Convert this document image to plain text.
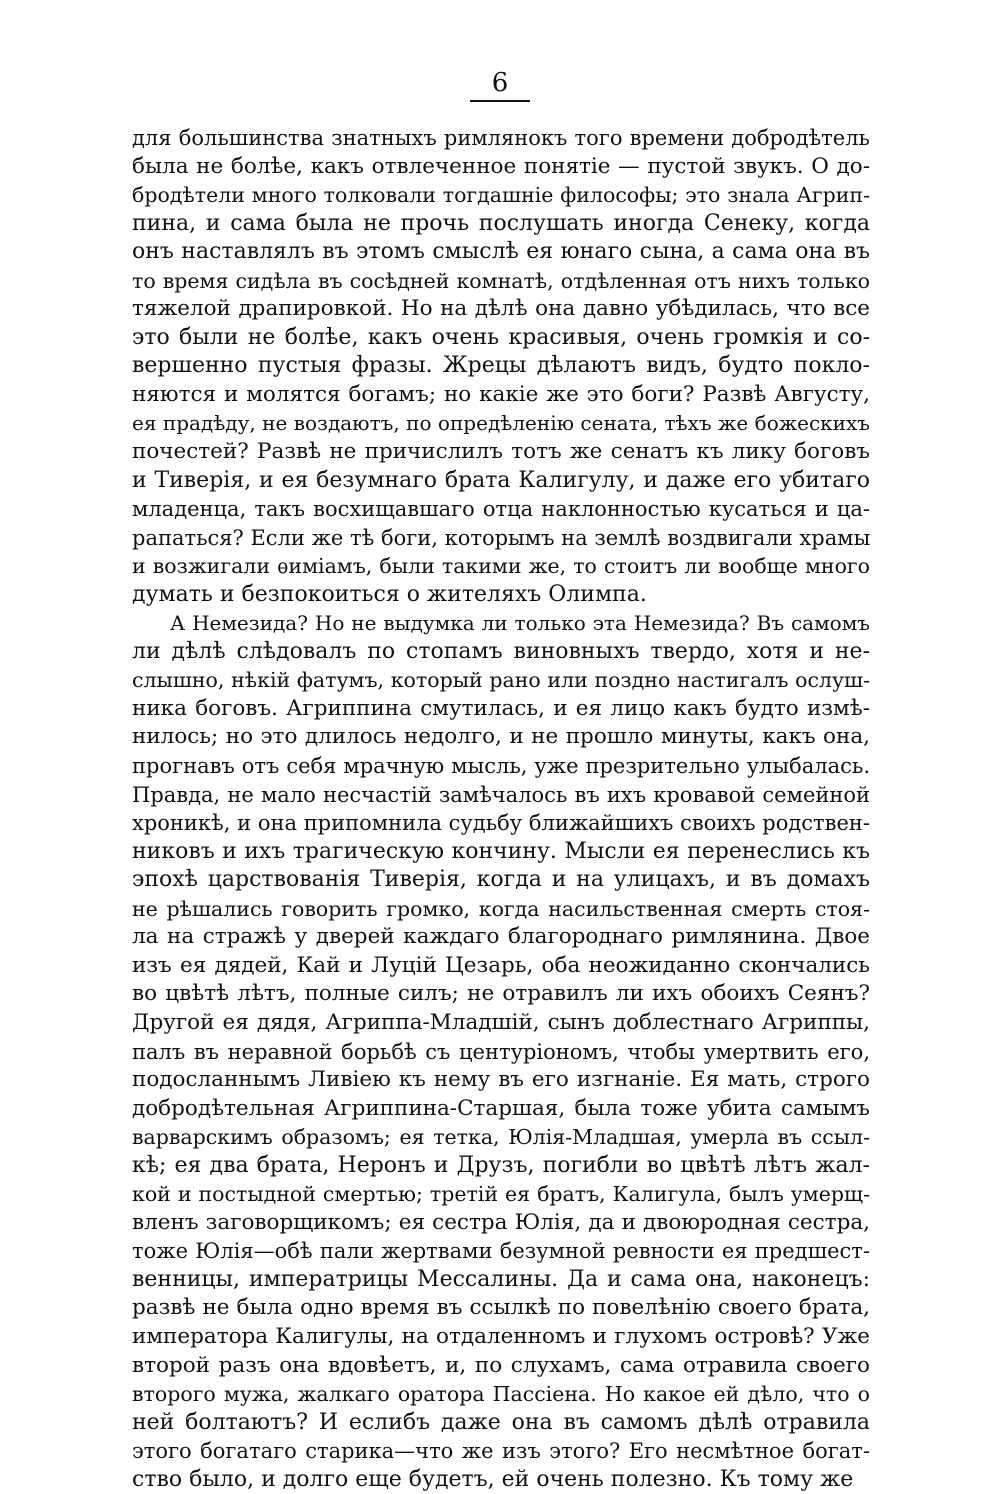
6
для большинства знатныхъ римлянокъ того времени добродѣтель
была не болѣе, какъ отвлеченное понятіе — пустой звукъ. О до-
бродѣтели много толковали тогдашніе философы; это знала Агрип-
пина, и сама была не прочь послушать иногда Сенеку, когда
онъ наставлялъ въ этомъ смыслѣ ея юнаго сына, а сама она въ
то время сидѣла въ сосѣдней комнатѣ, отдѣленная отъ нихъ только
тяжелой драпировкой. Но на дѣлѣ она давно убѣдилась, что все
это были не болѣе, какъ очень красивыя, очень громкія и со-
вершенно пустыя фразы. Жрецы дѣлаютъ видъ, будто покло-
няются и молятся богамъ; но какіе же это боги? Развѣ Августу,
ея прадѣду, не воздаютъ, по опредѣленію сената, тѣхъ же божескихъ
почестей? Развѣ не причислилъ тотъ же сенатъ къ лику боговъ
и Тиверія, и ея безумнаго брата Калигулу, и даже его убитаго
младенца, такъ восхищавшаго отца наклонностью кусаться и ца-
рапаться? Если же тѣ боги, которымъ на землѣ воздвигали храмы
и возжигали ѳиміамъ, были такими же, то стоитъ ли вообще много
думать и безпокоиться о жителяхъ Олимпа.
А Немезида? Но не выдумка ли только эта Немезида? Въ самомъ
ли дѣлѣ слѣдовалъ по стопамъ виновныхъ твердо, хотя и не-
слышно, нѣкій фатумъ, который рано или поздно настигалъ ослуш-
ника боговъ. Агриппина смутилась, и ея лицо какъ будто измѣ-
нилось; но это длилось недолго, и не прошло минуты, какъ она,
прогнавъ отъ себя мрачную мысль, уже презрительно улыбалась.
Правда, не мало несчастій замѣчалось въ ихъ кровавой семейной
хроникѣ, и она припомнила судьбу ближайшихъ своихъ родствен-
никовъ и ихъ трагическую кончину. Мысли ея перенеслись къ
эпохѣ царствованія Тиверія, когда и на улицахъ, и въ домахъ
не рѣшались говорить громко, когда насильственная смерть стоя-
ла на стражѣ у дверей каждаго благороднаго римлянина. Двое
изъ ея дядей, Кай и Луцій Цезарь, оба неожиданно скончались
во цвѣтѣ лѣтъ, полные силъ; не отравилъ ли ихъ обоихъ Сеянъ?
Другой ея дядя, Агриппа-Младшій, сынъ доблестнаго Агриппы,
палъ въ неравной борьбѣ съ центуріономъ, чтобы умертвить его,
подосланнымъ Ливіею къ нему въ его изгнаніе. Ея мать, строго
добродѣтельная Агриппина-Старшая, была тоже убита самымъ
варварскимъ образомъ; ея тетка, Юлія-Младшая, умерла въ ссыл-
кѣ; ея два брата, Неронъ и Друзъ, погибли во цвѣтѣ лѣтъ жал-
кой и постыдной смертью; третій ея братъ, Калигула, былъ умерщ-
вленъ заговорщикомъ; ея сестра Юлія, да и двоюродная сестра,
тоже Юлія—обѣ пали жертвами безумной ревности ея предшест-
венницы, императрицы Мессалины. Да и сама она, наконецъ:
развѣ не была одно время въ ссылкѣ по повелѣнію своего брата,
императора Калигулы, на отдаленномъ и глухомъ островѣ? Уже
второй разъ она вдовѣетъ, и, по слухамъ, сама отравила своего
второго мужа, жалкаго оратора Пассіена. Но какое ей дѣло, что о
ней болтаютъ? И еслибъ даже она въ самомъ дѣлѣ отравила
этого богатаго старика—что же изъ этого? Его несмѣтное богат-
ство было, и долго еще будетъ, ей очень полезно. Къ тому же
